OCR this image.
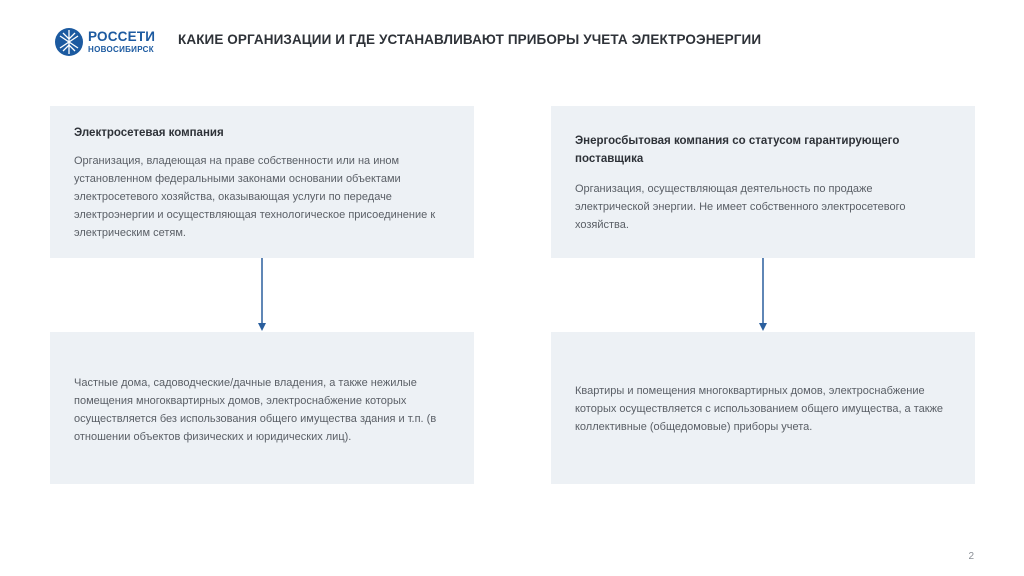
РОССЕТИ
НОВОСИБИРСК
КАКИЕ ОРГАНИЗАЦИИ И ГДЕ УСТАНАВЛИВАЮТ ПРИБОРЫ УЧЕТА ЭЛЕКТРОЭНЕРГИИ
Электросетевая компания
Организация, владеющая на праве собственности или на ином установленном федеральными законами основании объектами электросетевого хозяйства, оказывающая услуги по передаче электроэнергии и осуществляющая технологическое присоединение к электрическим сетям.
Частные дома, садоводческие/дачные владения, а также нежилые помещения многоквартирных домов, электроснабжение которых осуществляется без использования общего имущества здания и т.п. (в отношении объектов физических и юридических лиц).
Энергосбытовая компания со статусом гарантирующего поставщика
Организация, осуществляющая деятельность по продаже электрической энергии. Не имеет собственного электросетевого хозяйства.
Квартиры и помещения многоквартирных домов, электроснабжение которых осуществляется с использованием общего имущества, а также коллективные (общедомовые) приборы учета.
2
